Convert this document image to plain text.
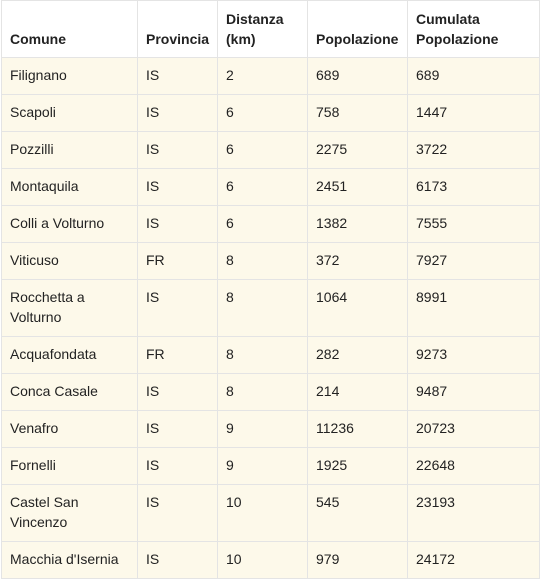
Comune	Provincia	Distanza (km)	Popolazione	Cumulata Popolazione
Filignano	IS	2	689	689
Scapoli	IS	6	758	1447
Pozzilli	IS	6	2275	3722
Montaquila	IS	6	2451	6173
Colli a Volturno	IS	6	1382	7555
Viticuso	FR	8	372	7927
Rocchetta a Volturno	IS	8	1064	8991
Acquafondata	FR	8	282	9273
Conca Casale	IS	8	214	9487
Venafro	IS	9	11236	20723
Fornelli	IS	9	1925	22648
Castel San Vincenzo	IS	10	545	23193
Macchia d'Isernia	IS	10	979	24172
